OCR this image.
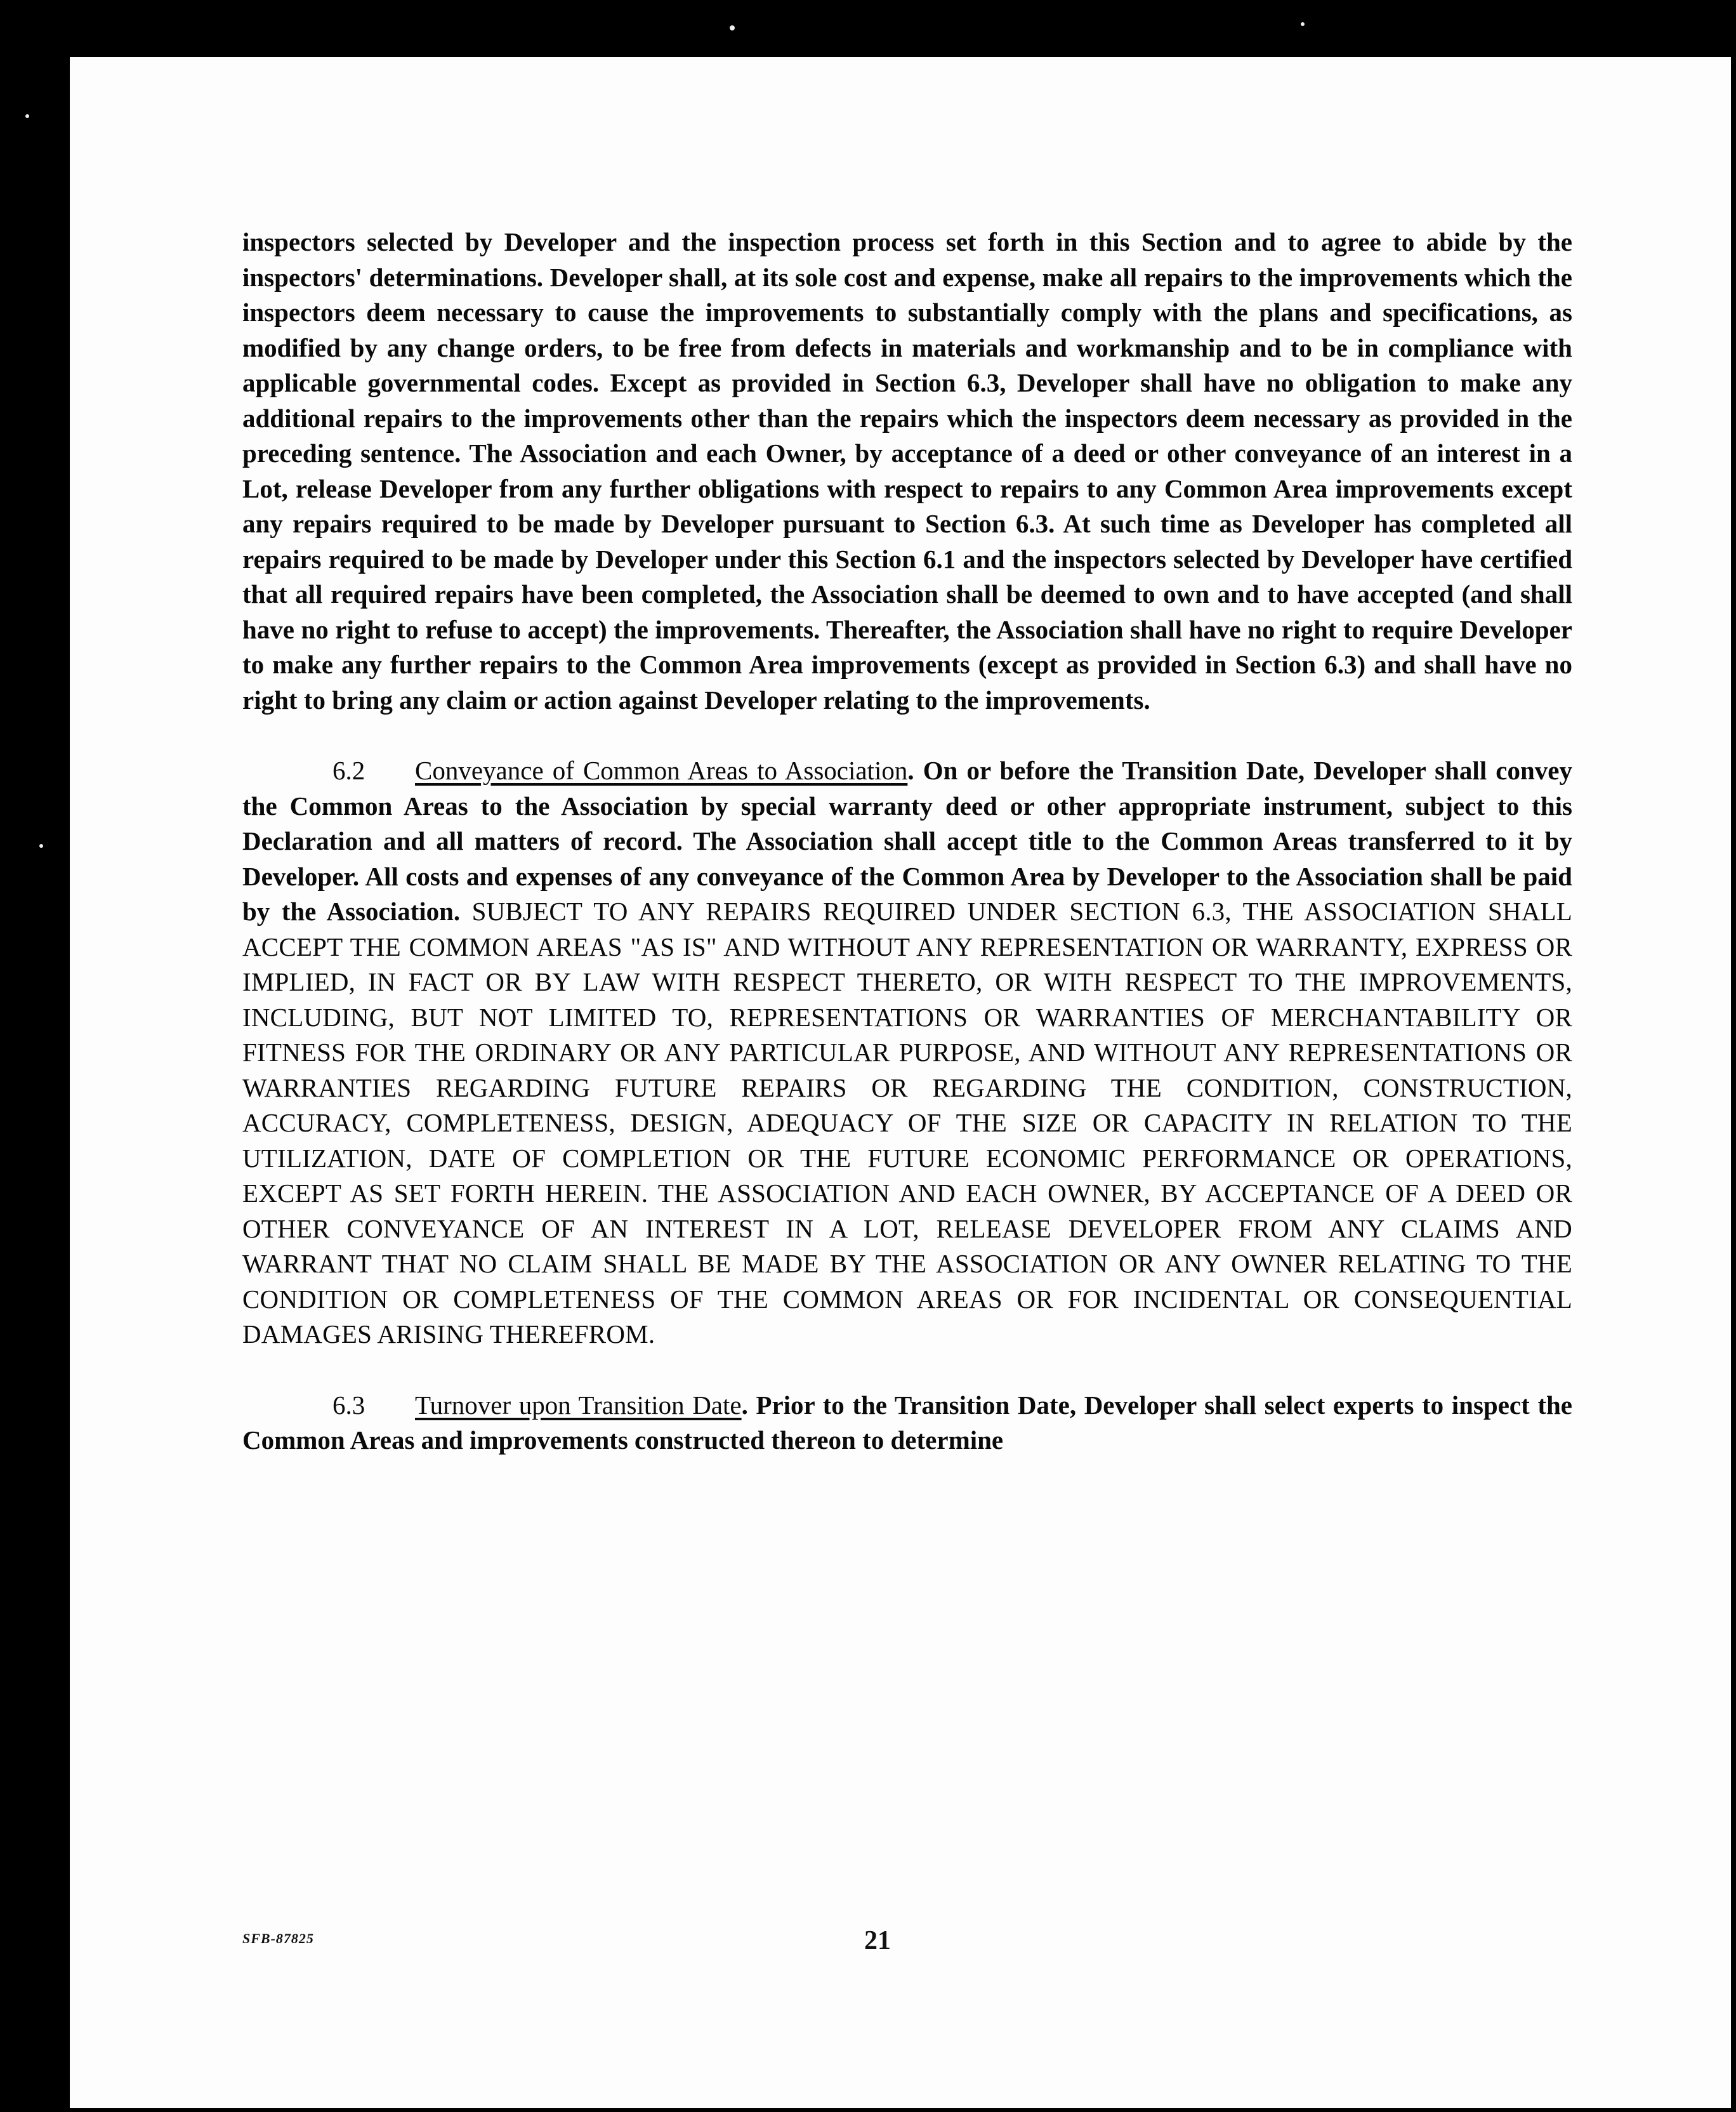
inspectors selected by Developer and the inspection process set forth in this Section and to agree to abide by the inspectors' determinations. Developer shall, at its sole cost and expense, make all repairs to the improvements which the inspectors deem necessary to cause the improvements to substantially comply with the plans and specifications, as modified by any change orders, to be free from defects in materials and workmanship and to be in compliance with applicable governmental codes. Except as provided in Section 6.3, Developer shall have no obligation to make any additional repairs to the improvements other than the repairs which the inspectors deem necessary as provided in the preceding sentence. The Association and each Owner, by acceptance of a deed or other conveyance of an interest in a Lot, release Developer from any further obligations with respect to repairs to any Common Area improvements except any repairs required to be made by Developer pursuant to Section 6.3. At such time as Developer has completed all repairs required to be made by Developer under this Section 6.1 and the inspectors selected by Developer have certified that all required repairs have been completed, the Association shall be deemed to own and to have accepted (and shall have no right to refuse to accept) the improvements. Thereafter, the Association shall have no right to require Developer to make any further repairs to the Common Area improvements (except as provided in Section 6.3) and shall have no right to bring any claim or action against Developer relating to the improvements.

6.2 Conveyance of Common Areas to Association. On or before the Transition Date, Developer shall convey the Common Areas to the Association by special warranty deed or other appropriate instrument, subject to this Declaration and all matters of record. The Association shall accept title to the Common Areas transferred to it by Developer. All costs and expenses of any conveyance of the Common Area by Developer to the Association shall be paid by the Association. SUBJECT TO ANY REPAIRS REQUIRED UNDER SECTION 6.3, THE ASSOCIATION SHALL ACCEPT THE COMMON AREAS "AS IS" AND WITHOUT ANY REPRESENTATION OR WARRANTY, EXPRESS OR IMPLIED, IN FACT OR BY LAW WITH RESPECT THERETO, OR WITH RESPECT TO THE IMPROVEMENTS, INCLUDING, BUT NOT LIMITED TO, REPRESENTATIONS OR WARRANTIES OF MERCHANTABILITY OR FITNESS FOR THE ORDINARY OR ANY PARTICULAR PURPOSE, AND WITHOUT ANY REPRESENTATIONS OR WARRANTIES REGARDING FUTURE REPAIRS OR REGARDING THE CONDITION, CONSTRUCTION, ACCURACY, COMPLETENESS, DESIGN, ADEQUACY OF THE SIZE OR CAPACITY IN RELATION TO THE UTILIZATION, DATE OF COMPLETION OR THE FUTURE ECONOMIC PERFORMANCE OR OPERATIONS, EXCEPT AS SET FORTH HEREIN. THE ASSOCIATION AND EACH OWNER, BY ACCEPTANCE OF A DEED OR OTHER CONVEYANCE OF AN INTEREST IN A LOT, RELEASE DEVELOPER FROM ANY CLAIMS AND WARRANT THAT NO CLAIM SHALL BE MADE BY THE ASSOCIATION OR ANY OWNER RELATING TO THE CONDITION OR COMPLETENESS OF THE COMMON AREAS OR FOR INCIDENTAL OR CONSEQUENTIAL DAMAGES ARISING THEREFROM.

6.3 Turnover upon Transition Date. Prior to the Transition Date, Developer shall select experts to inspect the Common Areas and improvements constructed thereon to determine

SFB-87825	21
